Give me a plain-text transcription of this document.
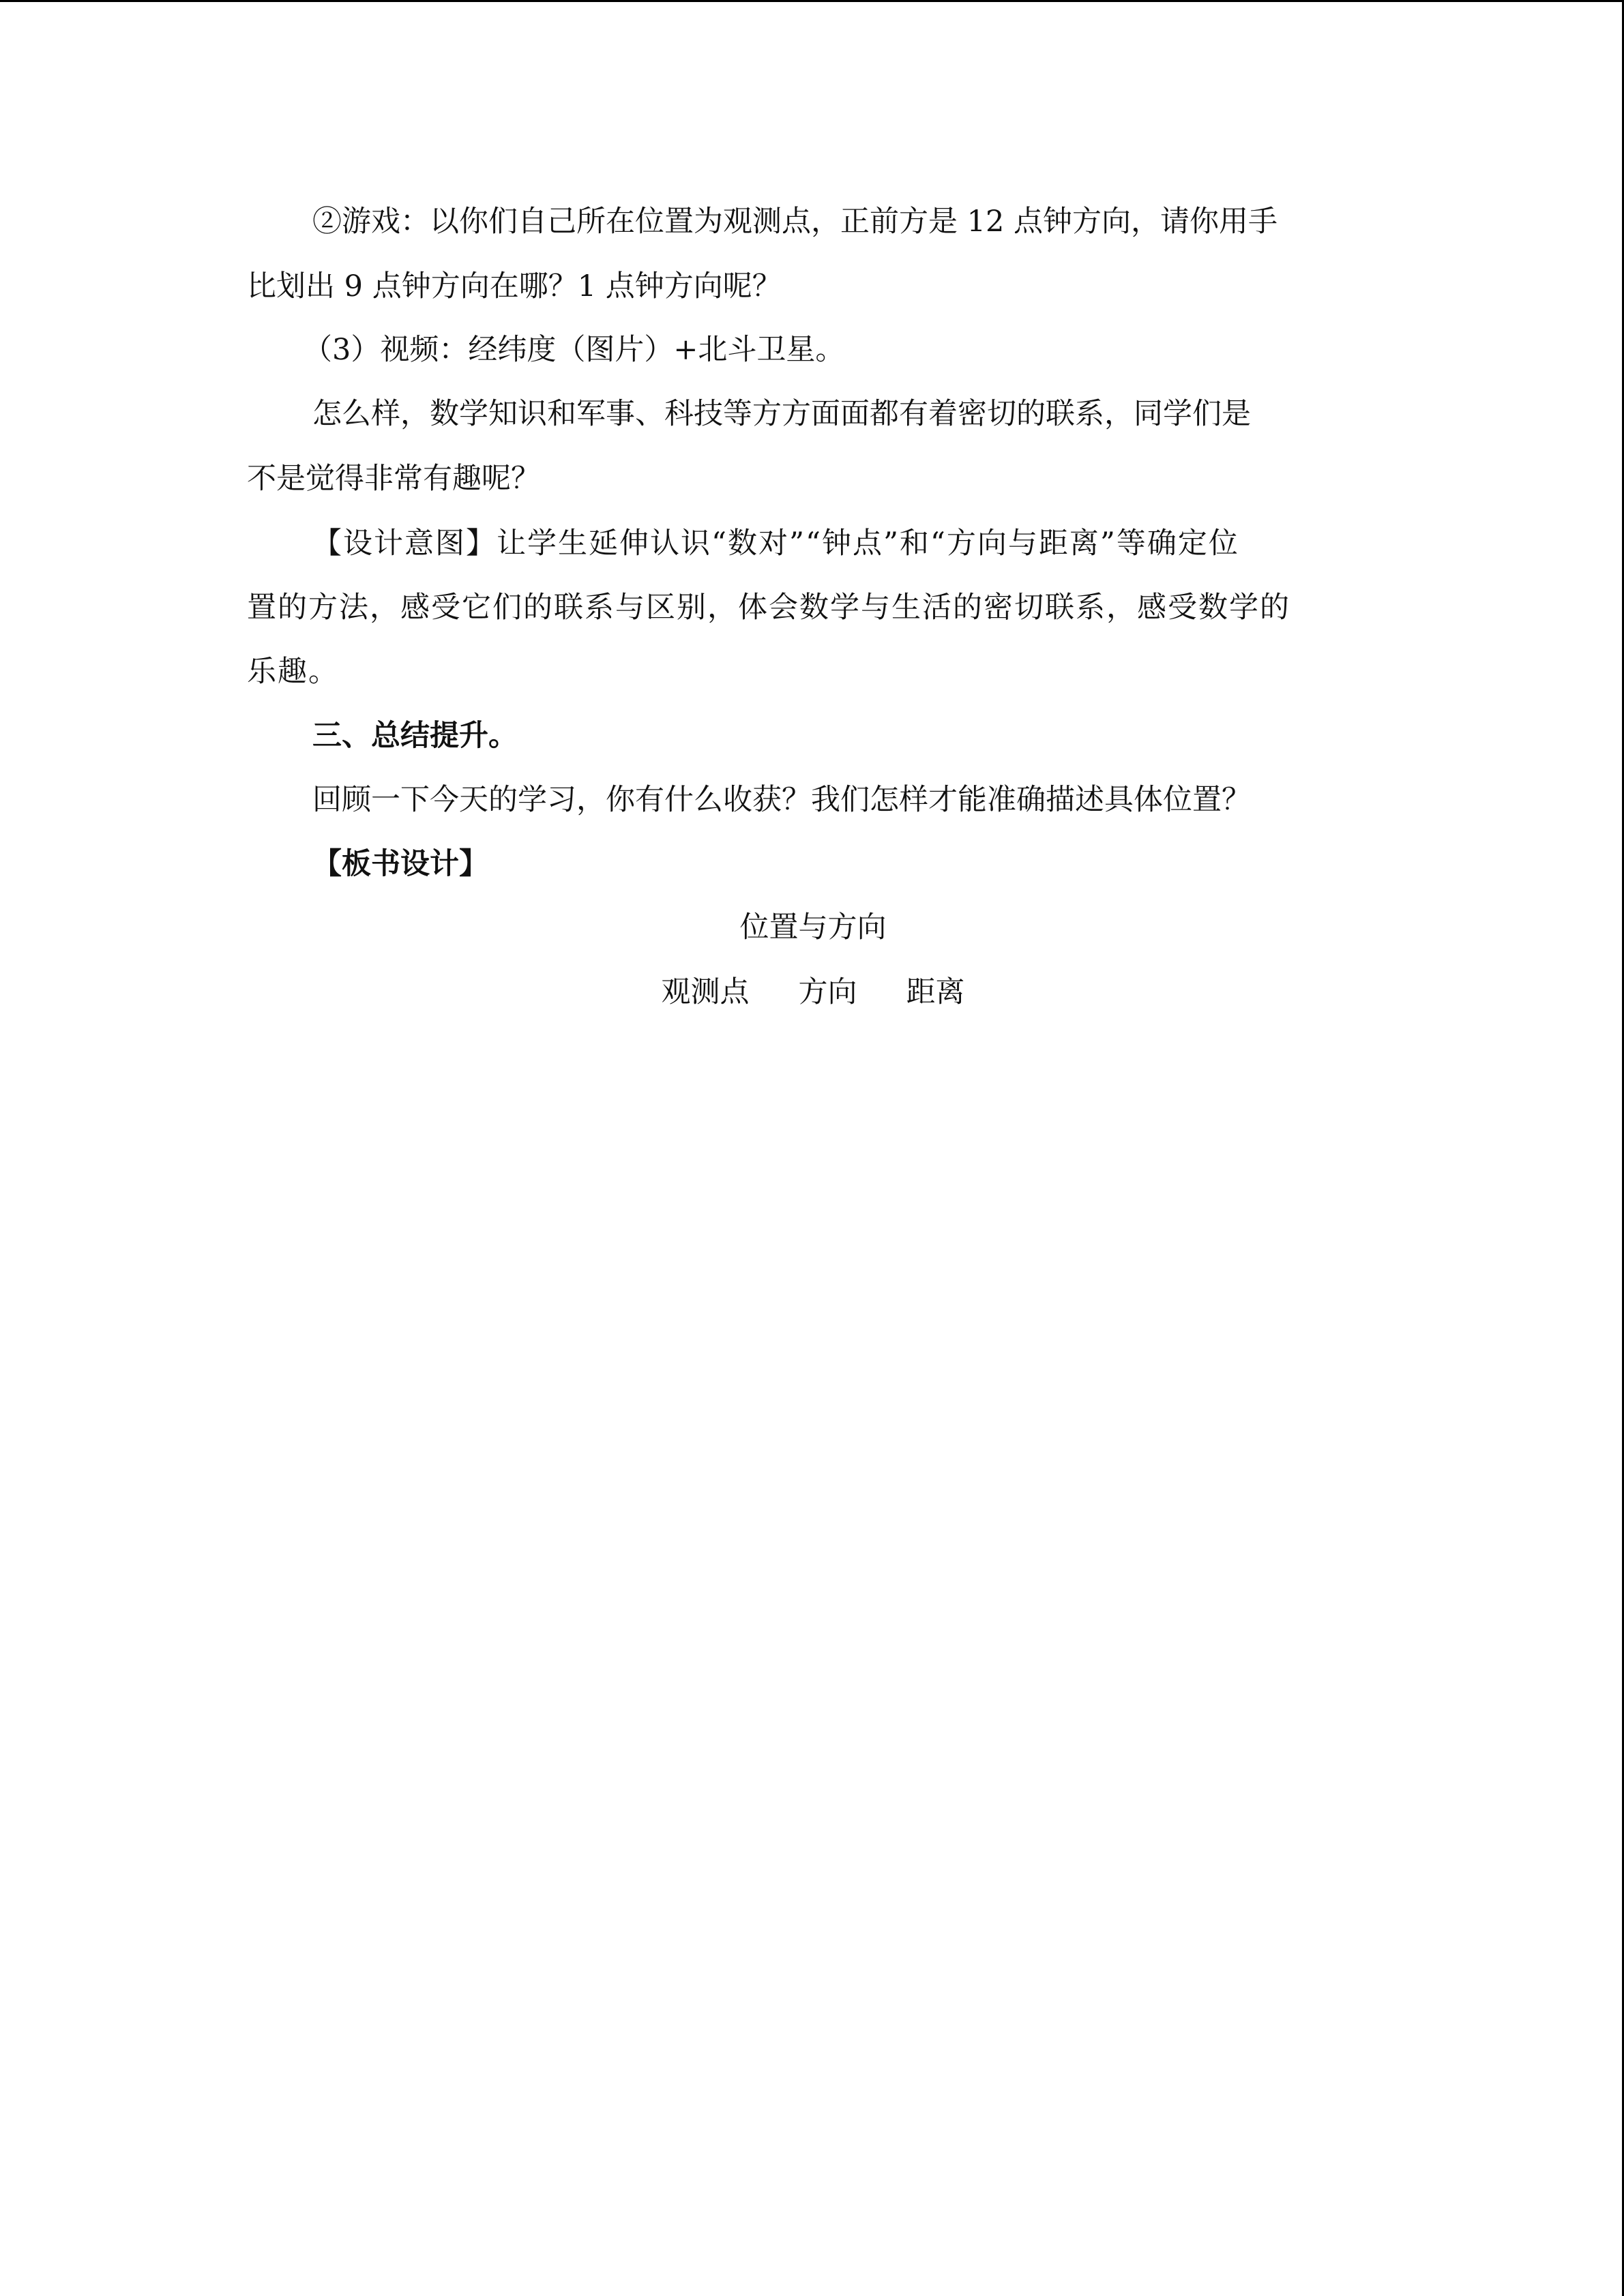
②游戏：以你们自己所在位置为观测点，正前方是 12 点钟方向，请你用手
比划出 9 点钟方向在哪？1 点钟方向呢？
（3）视频：经纬度（图片）+北斗卫星。
怎么样，数学知识和军事、科技等方方面面都有着密切的联系，同学们是
不是觉得非常有趣呢？
【设计意图】让学生延伸认识“数对”“钟点”和“方向与距离”等确定位
置的方法，感受它们的联系与区别，体会数学与生活的密切联系，感受数学的
乐趣。
三、总结提升。
回顾一下今天的学习，你有什么收获？我们怎样才能准确描述具体位置？
【板书设计】
位置与方向
观测点 方向 距离
